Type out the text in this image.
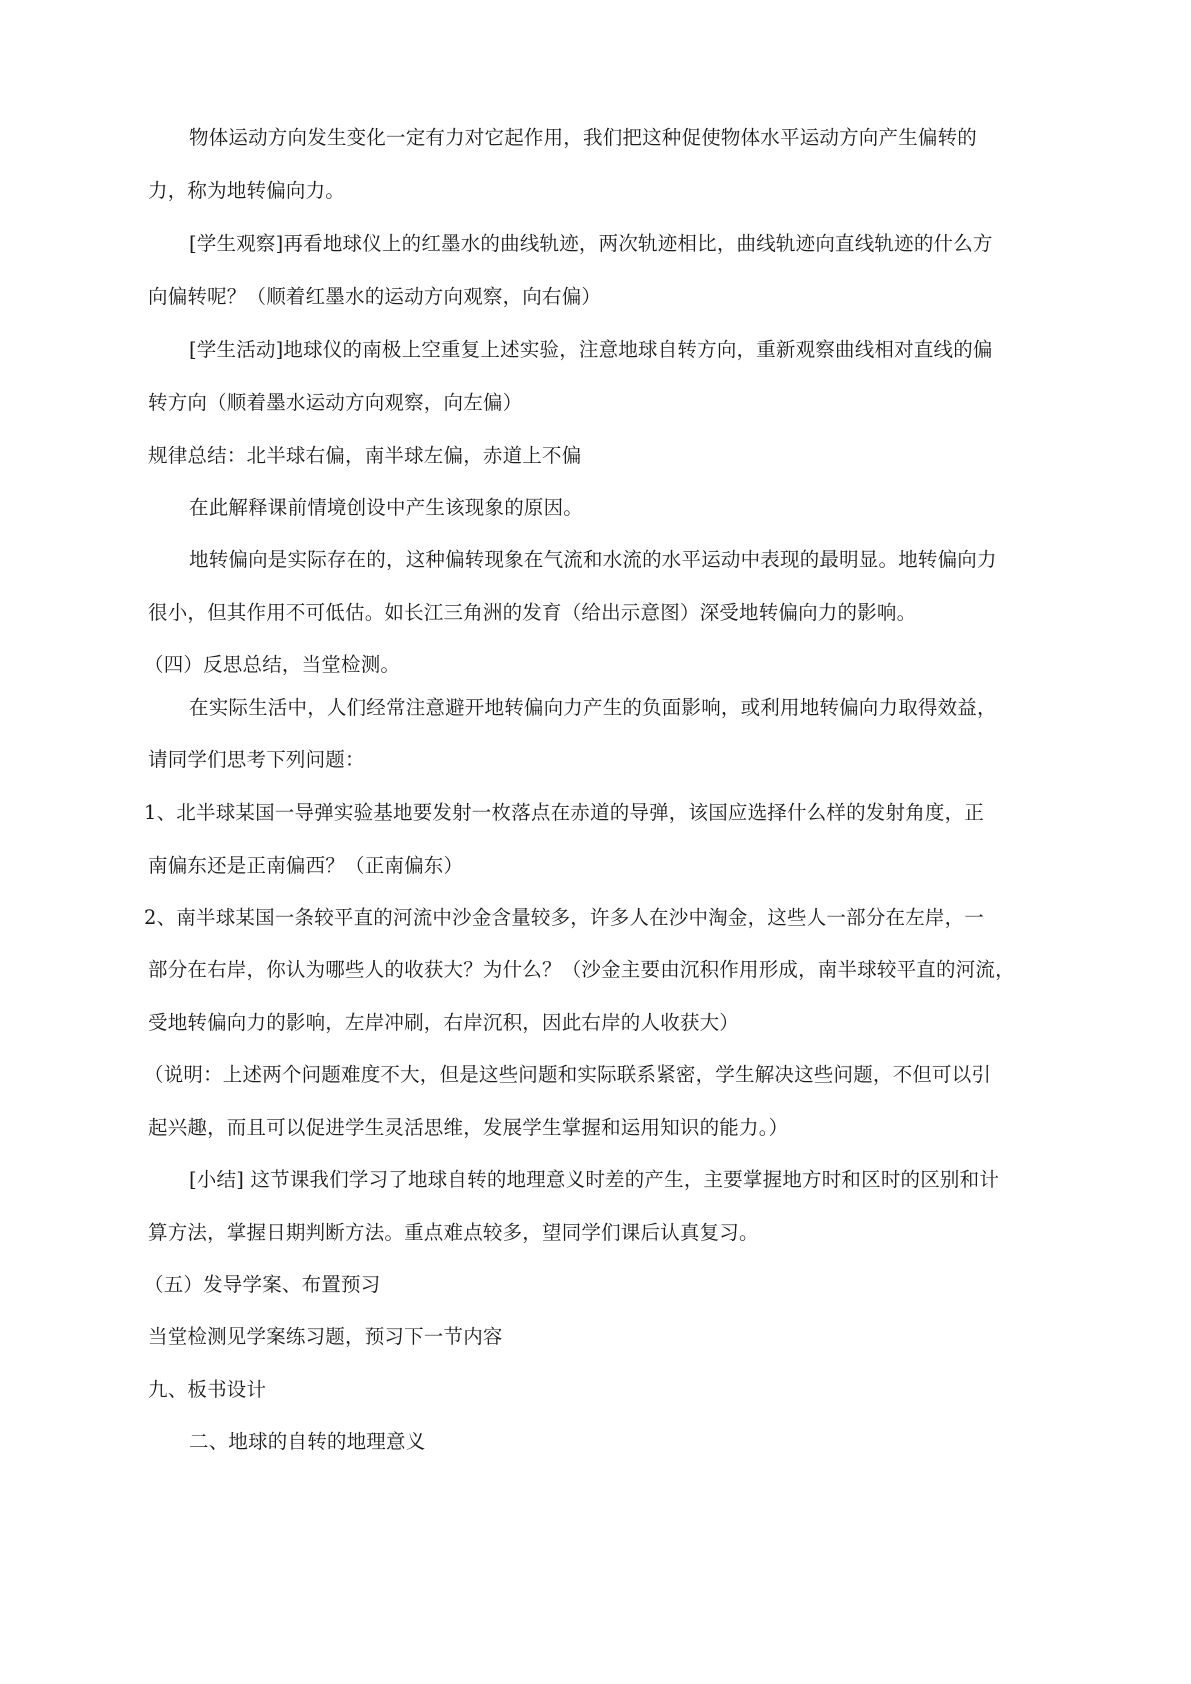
物体运动方向发生变化一定有力对它起作用，我们把这种促使物体水平运动方向产生偏转的
力，称为地转偏向力。
[学生观察]再看地球仪上的红墨水的曲线轨迹，两次轨迹相比，曲线轨迹向直线轨迹的什么方
向偏转呢？（顺着红墨水的运动方向观察，向右偏）
[学生活动]地球仪的南极上空重复上述实验，注意地球自转方向，重新观察曲线相对直线的偏
转方向（顺着墨水运动方向观察，向左偏）
规律总结：北半球右偏，南半球左偏，赤道上不偏
在此解释课前情境创设中产生该现象的原因。
地转偏向是实际存在的，这种偏转现象在气流和水流的水平运动中表现的最明显。地转偏向力
很小，但其作用不可低估。如长江三角洲的发育（给出示意图）深受地转偏向力的影响。
（四）反思总结，当堂检测。
在实际生活中，人们经常注意避开地转偏向力产生的负面影响，或利用地转偏向力取得效益，
请同学们思考下列问题：
1、北半球某国一导弹实验基地要发射一枚落点在赤道的导弹，该国应选择什么样的发射角度，正
南偏东还是正南偏西？（正南偏东）
2、南半球某国一条较平直的河流中沙金含量较多，许多人在沙中淘金，这些人一部分在左岸，一
部分在右岸，你认为哪些人的收获大？为什么？（沙金主要由沉积作用形成，南半球较平直的河流，
受地转偏向力的影响，左岸冲刷，右岸沉积，因此右岸的人收获大）
（说明：上述两个问题难度不大，但是这些问题和实际联系紧密，学生解决这些问题，不但可以引
起兴趣，而且可以促进学生灵活思维，发展学生掌握和运用知识的能力。）
[小结] 这节课我们学习了地球自转的地理意义时差的产生，主要掌握地方时和区时的区别和计
算方法，掌握日期判断方法。重点难点较多，望同学们课后认真复习。
（五）发导学案、布置预习
当堂检测见学案练习题，预习下一节内容
九、板书设计
二、地球的自转的地理意义
